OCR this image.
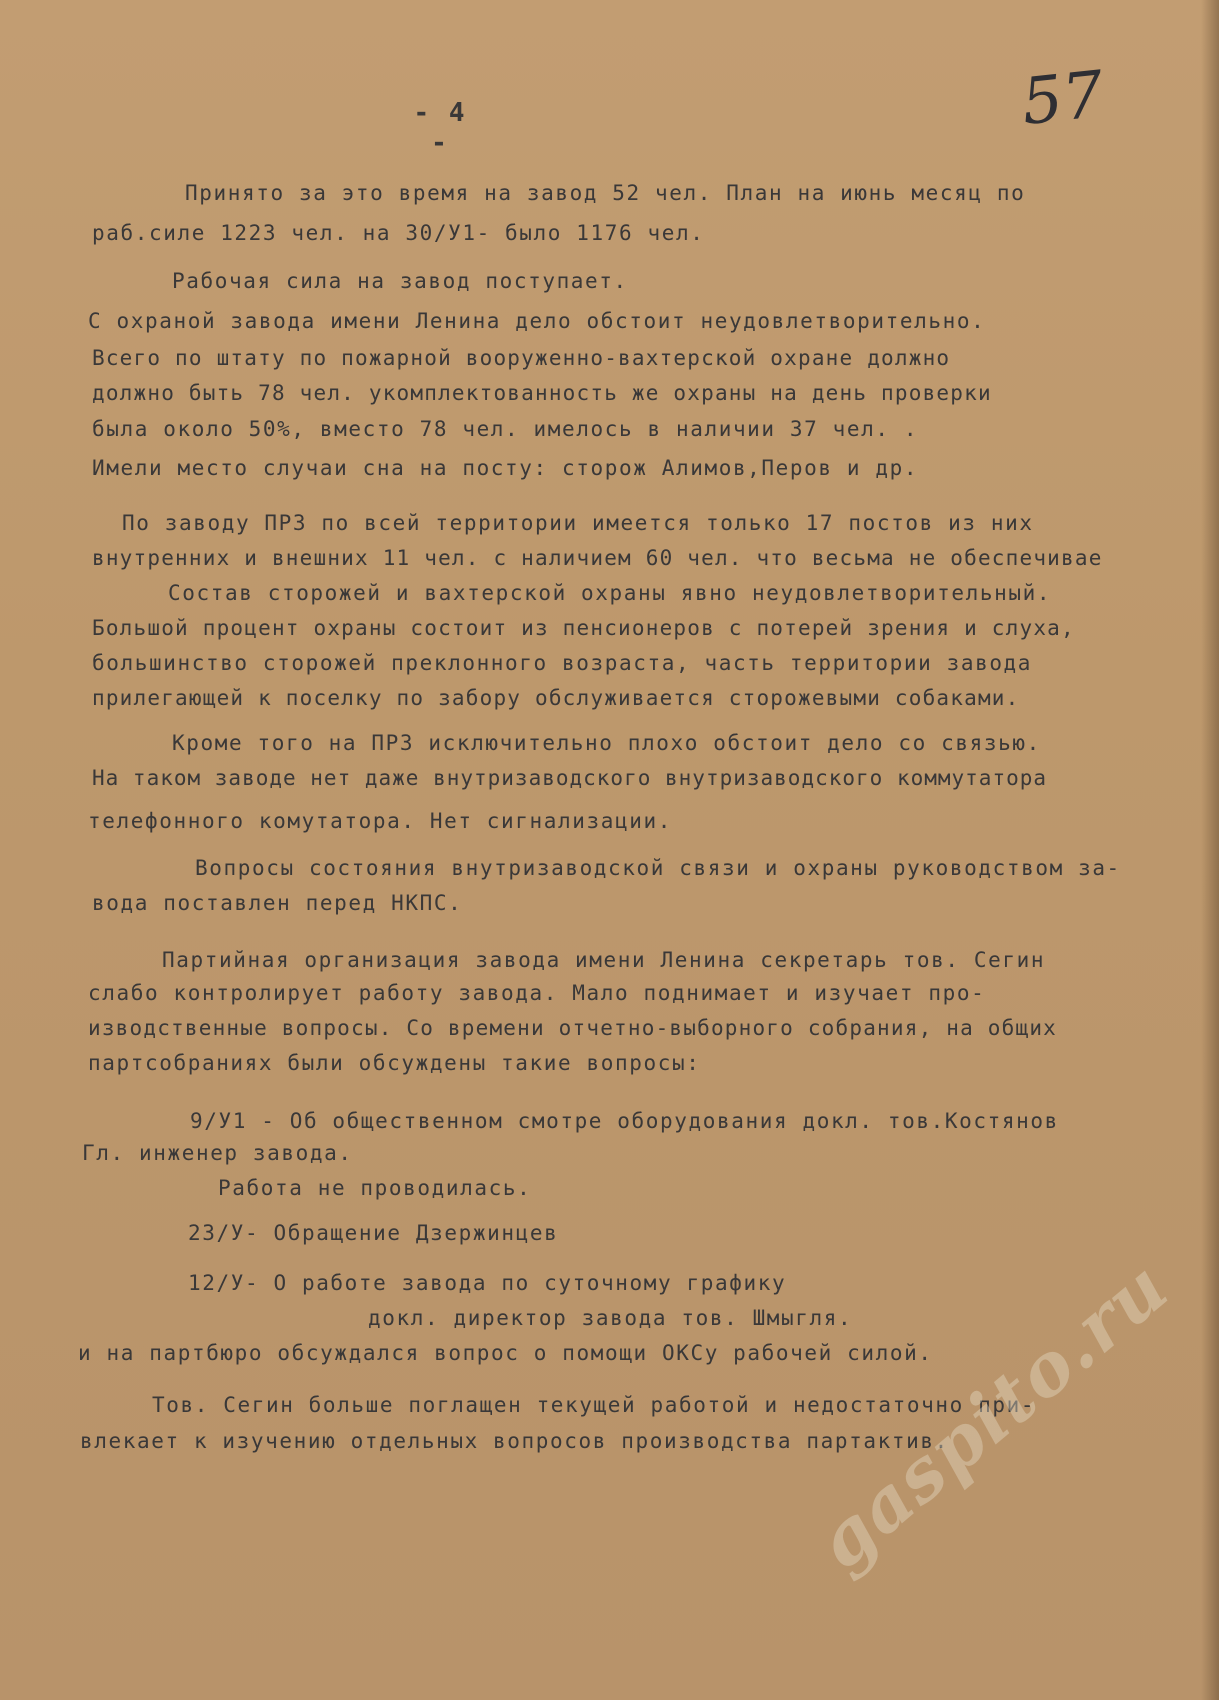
- 4 -
57
Принято за это время на завод 52 чел. План на июнь месяц по
раб.силе 1223 чел. на 30/У1- было 1176 чел.
Рабочая сила на завод поступает.
С охраной завода имени Ленина дело обстоит неудовлетворительно.
Всего по штату по пожарной вооруженно-вахтерской охране должно
должно быть 78 чел. укомплектованность же охраны на день проверки
была около 50%, вместо 78 чел. имелось в наличии 37 чел. .
Имели место случаи сна на посту: сторож Алимов,Перов и др.
По заводу ПРЗ по всей территории имеется только 17 постов из них
внутренних и внешних 11 чел. с наличием 60 чел. что весьма не обеспечивае
Состав сторожей и вахтерской охраны явно неудовлетворительный.
Большой процент охраны состоит из пенсионеров с потерей зрения и слуха,
большинство сторожей преклонного возраста, часть территории завода
прилегающей к поселку по забору обслуживается сторожевыми собаками.
Кроме того на ПРЗ исключительно плохо обстоит дело со связью.
На таком заводе нет даже внутризаводского внутризаводского коммутатора
телефонного комутатора. Нет сигнализации.
Вопросы состояния внутризаводской связи и охраны руководством за-
вода поставлен перед НКПС.
Партийная организация завода имени Ленина секретарь тов. Сегин
слабо контролирует работу завода. Мало поднимает и изучает про-
изводственные вопросы. Со времени отчетно-выборного собрания, на общих
партсобраниях были обсуждены такие вопросы:
9/У1 - Об общественном смотре оборудования докл. тов.Костянов
Гл. инженер завода.
Работа не проводилась.
23/У- Обращение Дзержинцев
12/У- О работе завода по суточному графику
докл. директор завода тов. Шмыгля.
и на партбюро обсуждался вопрос о помощи ОКСу рабочей силой.
Тов. Сегин больше поглащен текущей работой и недостаточно при-
влекает к изучению отдельных вопросов производства партактив.
gaspito.ru
